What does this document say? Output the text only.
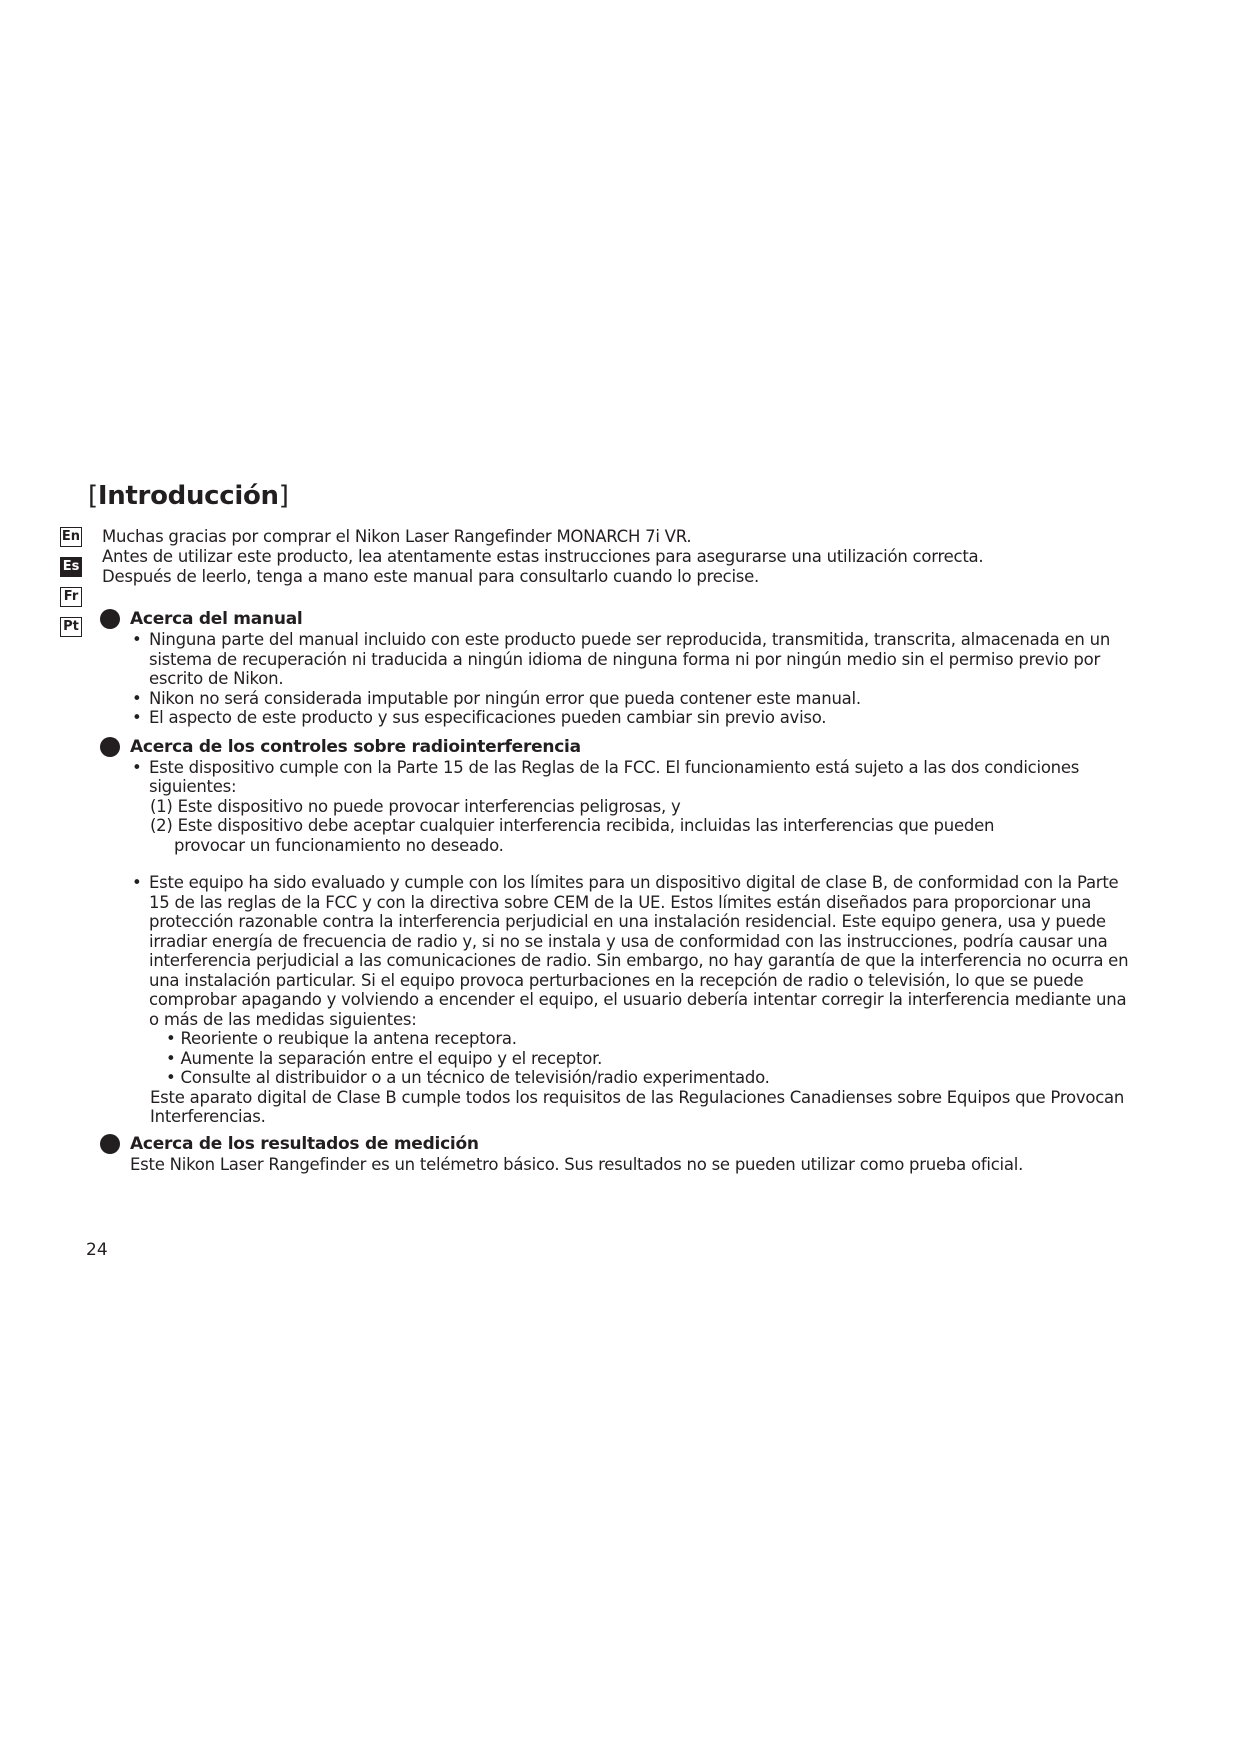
[Introducción]
En
Es
Fr
Pt

Muchas gracias por comprar el Nikon Laser Rangefinder MONARCH 7i VR.

Antes de utilizar este producto, lea atentamente estas instrucciones para asegurarse una utilización correcta.

Después de leerlo, tenga a mano este manual para consultarlo cuando lo precise.

Acerca del manual
• Ninguna parte del manual incluido con este producto puede ser reproducida, transmitida, transcrita, almacenada en un sistema de recuperación ni traducida a ningún idioma de ninguna forma ni por ningún medio sin el permiso previo por escrito de Nikon.
• Nikon no será considerada imputable por ningún error que pueda contener este manual.
• El aspecto de este producto y sus especificaciones pueden cambiar sin previo aviso.
Acerca de los controles sobre radiointerferencia
• Este dispositivo cumple con la Parte 15 de las Reglas de la FCC. El funcionamiento está sujeto a las dos condiciones siguientes:
(1) Este dispositivo no puede provocar interferencias peligrosas, y
(2) Este dispositivo debe aceptar cualquier interferencia recibida, incluidas las interferencias que pueden
provocar un funcionamiento no deseado.
• Este equipo ha sido evaluado y cumple con los límites para un dispositivo digital de clase B, de conformidad con la Parte 15 de las reglas de la FCC y con la directiva sobre CEM de la UE. Estos límites están diseñados para proporcionar una protección razonable contra la interferencia perjudicial en una instalación residencial. Este equipo genera, usa y puede irradiar energía de frecuencia de radio y, si no se instala y usa de conformidad con las instrucciones, podría causar una interferencia perjudicial a las comunicaciones de radio. Sin embargo, no hay garantía de que la interferencia no ocurra en una instalación particular. Si el equipo provoca perturbaciones en la recepción de radio o televisión, lo que se puede comprobar apagando y volviendo a encender el equipo, el usuario debería intentar corregir la interferencia mediante una o más de las medidas siguientes:
• Reoriente o reubique la antena receptora.
• Aumente la separación entre el equipo y el receptor.
• Consulte al distribuidor o a un técnico de televisión/radio experimentado.
Este aparato digital de Clase B cumple todos los requisitos de las Regulaciones Canadienses sobre Equipos que Provocan Interferencias.
Acerca de los resultados de medición
Este Nikon Laser Rangefinder es un telémetro básico. Sus resultados no se pueden utilizar como prueba oficial.
24
